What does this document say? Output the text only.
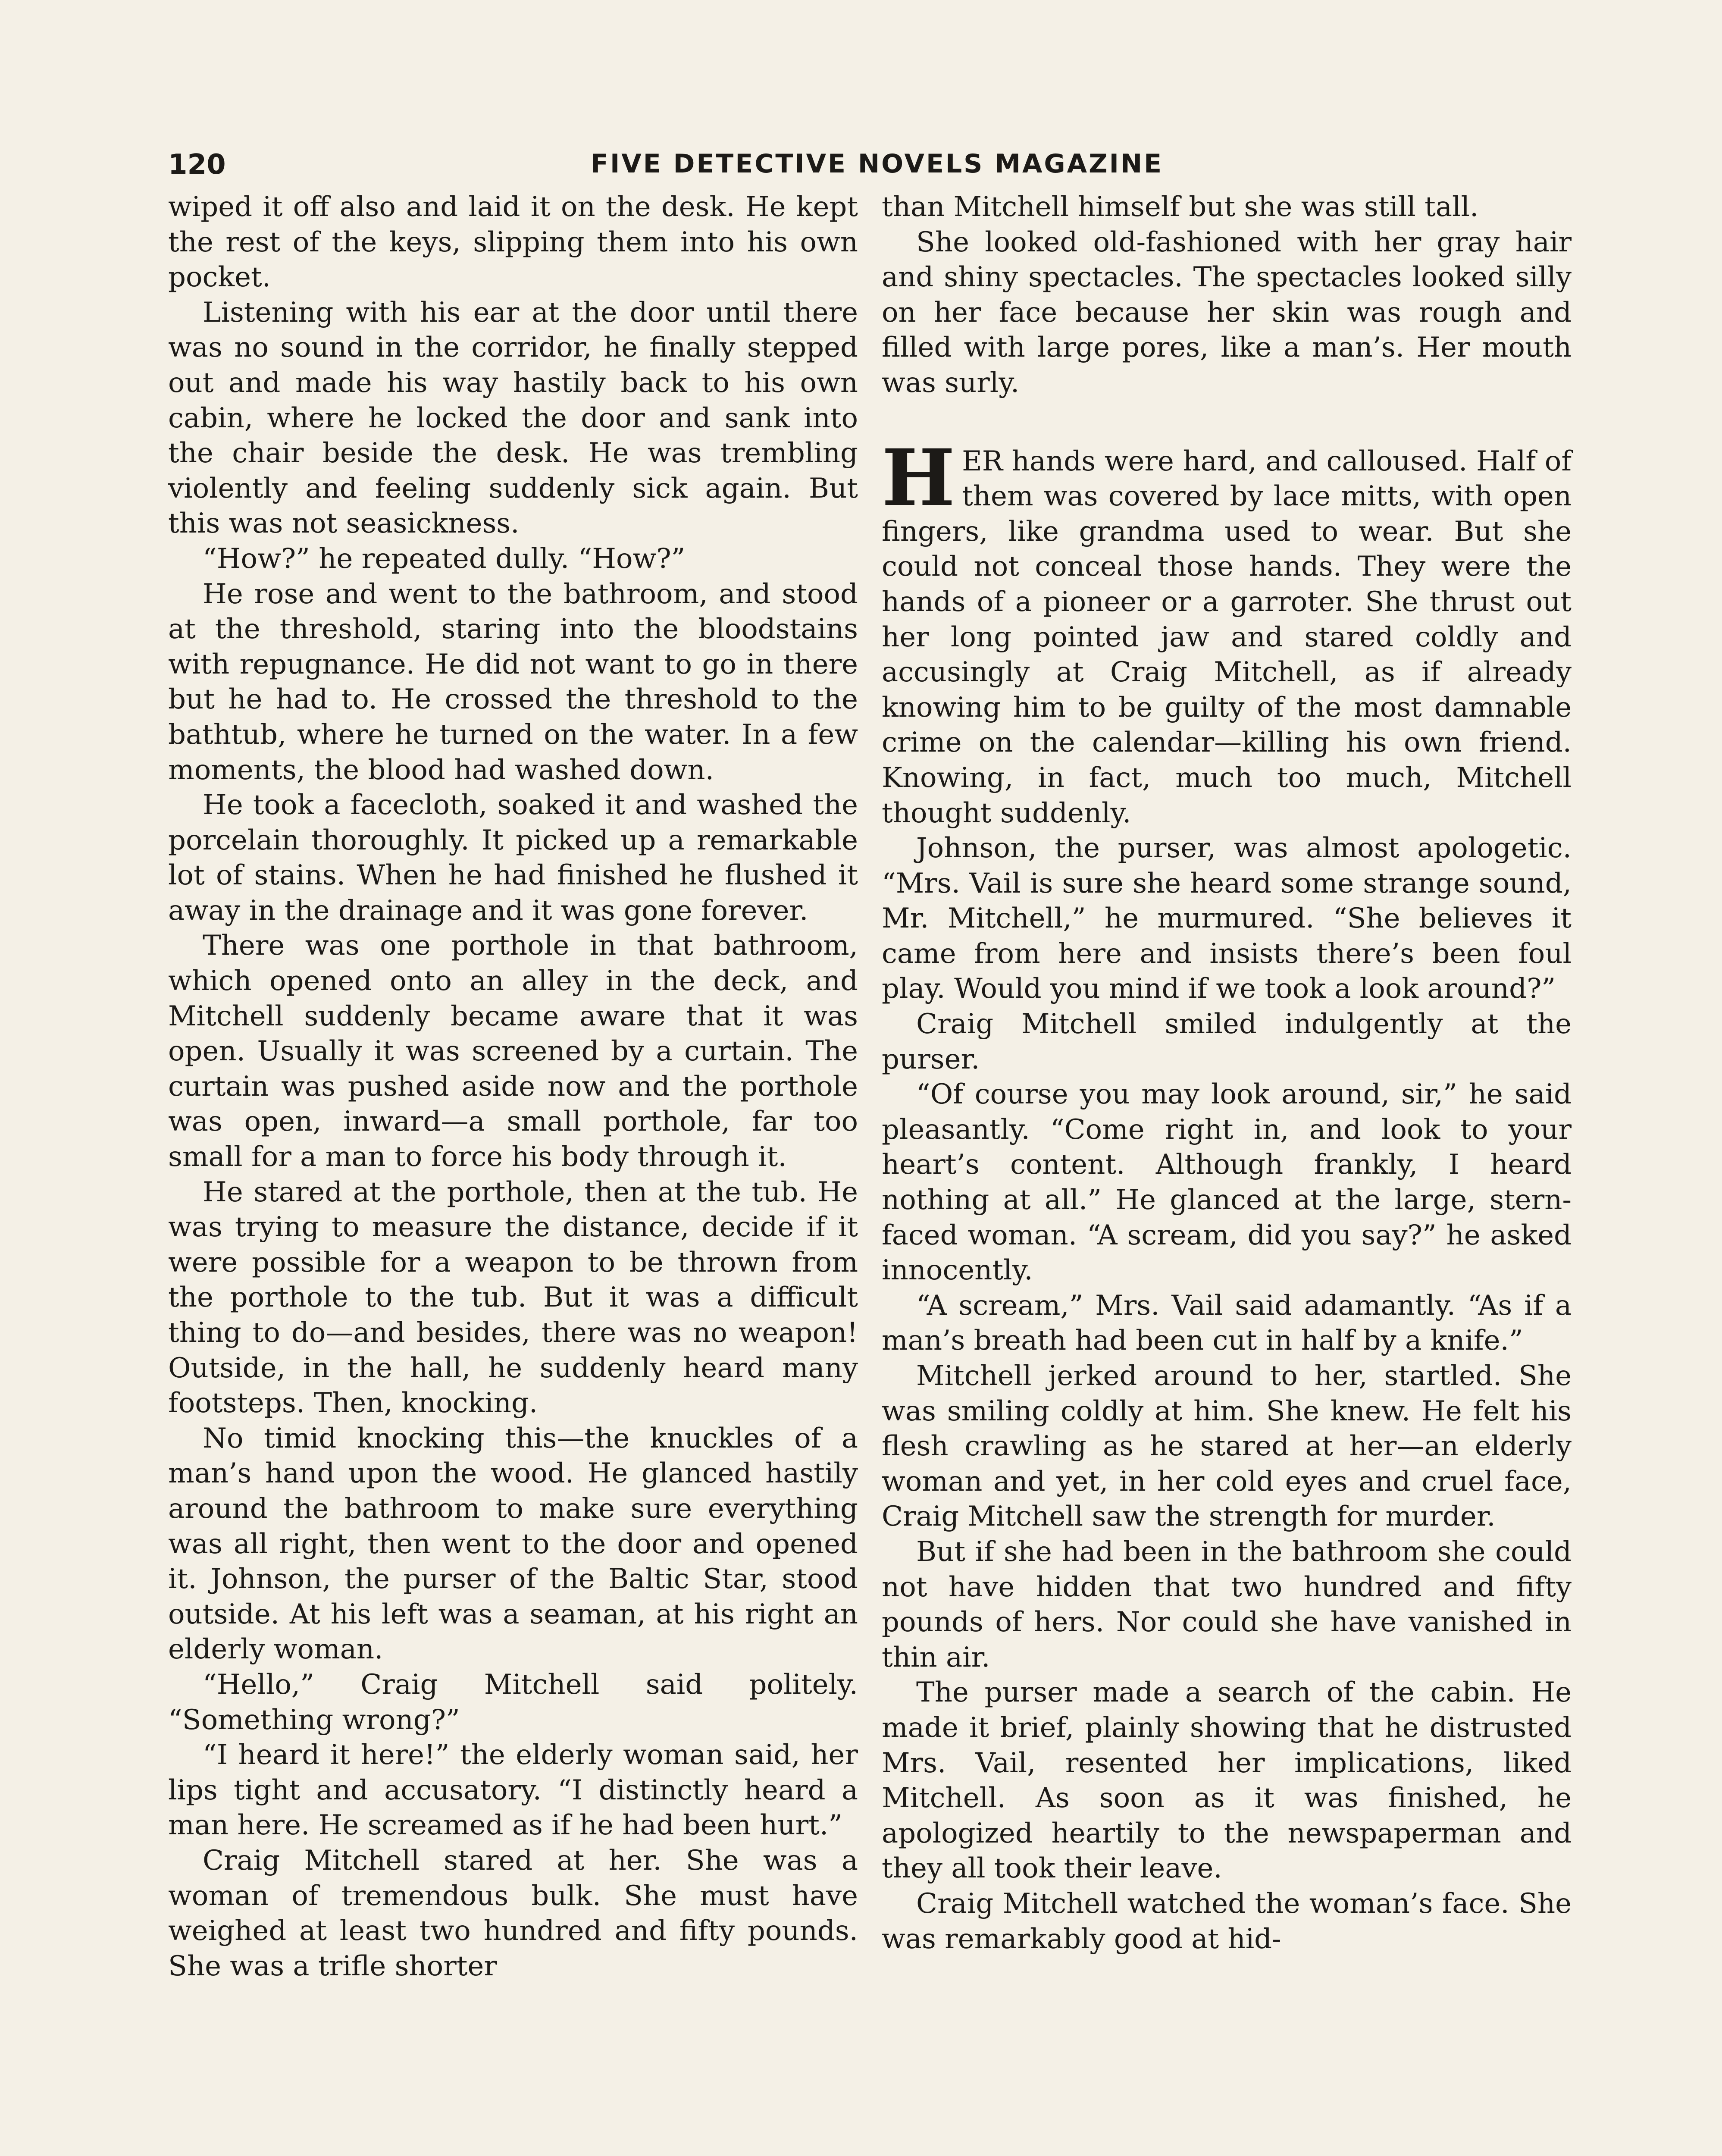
120	FIVE DETECTIVE NOVELS MAGAZINE

wiped it off also and laid it on the desk. He kept the rest of the keys, slipping them into his own pocket.

Listening with his ear at the door until there was no sound in the corridor, he finally stepped out and made his way hastily back to his own cabin, where he locked the door and sank into the chair beside the desk. He was trembling violently and feeling suddenly sick again. But this was not seasickness.

“How?” he repeated dully. “How?”

He rose and went to the bathroom, and stood at the threshold, staring into the bloodstains with repugnance. He did not want to go in there but he had to. He crossed the threshold to the bathtub, where he turned on the water. In a few moments, the blood had washed down.

He took a facecloth, soaked it and washed the porcelain thoroughly. It picked up a remarkable lot of stains. When he had finished he flushed it away in the drainage and it was gone forever.

There was one porthole in that bathroom, which opened onto an alley in the deck, and Mitchell suddenly became aware that it was open. Usually it was screened by a curtain. The curtain was pushed aside now and the porthole was open, inward—a small porthole, far too small for a man to force his body through it.

He stared at the porthole, then at the tub. He was trying to measure the distance, decide if it were possible for a weapon to be thrown from the porthole to the tub. But it was a difficult thing to do—and besides, there was no weapon! Outside, in the hall, he suddenly heard many footsteps. Then, knocking.

No timid knocking this—the knuckles of a man’s hand upon the wood. He glanced hastily around the bathroom to make sure everything was all right, then went to the door and opened it. Johnson, the purser of the Baltic Star, stood outside. At his left was a seaman, at his right an elderly woman.

“Hello,” Craig Mitchell said politely. “Something wrong?”

“I heard it here!” the elderly woman said, her lips tight and accusatory. “I distinctly heard a man here. He screamed as if he had been hurt.”

Craig Mitchell stared at her. She was a woman of tremendous bulk. She must have weighed at least two hundred and fifty pounds. She was a trifle shorter

than Mitchell himself but she was still tall.

She looked old-fashioned with her gray hair and shiny spectacles. The spectacles looked silly on her face because her skin was rough and filled with large pores, like a man’s. Her mouth was surly.

HER hands were hard, and calloused. Half of them was covered by lace mitts, with open fingers, like grandma used to wear. But she could not conceal those hands. They were the hands of a pioneer or a garroter. She thrust out her long pointed jaw and stared coldly and accusingly at Craig Mitchell, as if already knowing him to be guilty of the most damnable crime on the calendar—killing his own friend. Knowing, in fact, much too much, Mitchell thought suddenly.

Johnson, the purser, was almost apologetic. “Mrs. Vail is sure she heard some strange sound, Mr. Mitchell,” he murmured. “She believes it came from here and insists there’s been foul play. Would you mind if we took a look around?”

Craig Mitchell smiled indulgently at the purser.

“Of course you may look around, sir,” he said pleasantly. “Come right in, and look to your heart’s content. Although frankly, I heard nothing at all.” He glanced at the large, stern-faced woman. “A scream, did you say?” he asked innocently.

“A scream,” Mrs. Vail said adamantly. “As if a man’s breath had been cut in half by a knife.”

Mitchell jerked around to her, startled. She was smiling coldly at him. She knew. He felt his flesh crawling as he stared at her—an elderly woman and yet, in her cold eyes and cruel face, Craig Mitchell saw the strength for murder.

But if she had been in the bathroom she could not have hidden that two hundred and fifty pounds of hers. Nor could she have vanished in thin air.

The purser made a search of the cabin. He made it brief, plainly showing that he distrusted Mrs. Vail, resented her implications, liked Mitchell. As soon as it was finished, he apologized heartily to the newspaperman and they all took their leave.

Craig Mitchell watched the woman’s face. She was remarkably good at hid-
